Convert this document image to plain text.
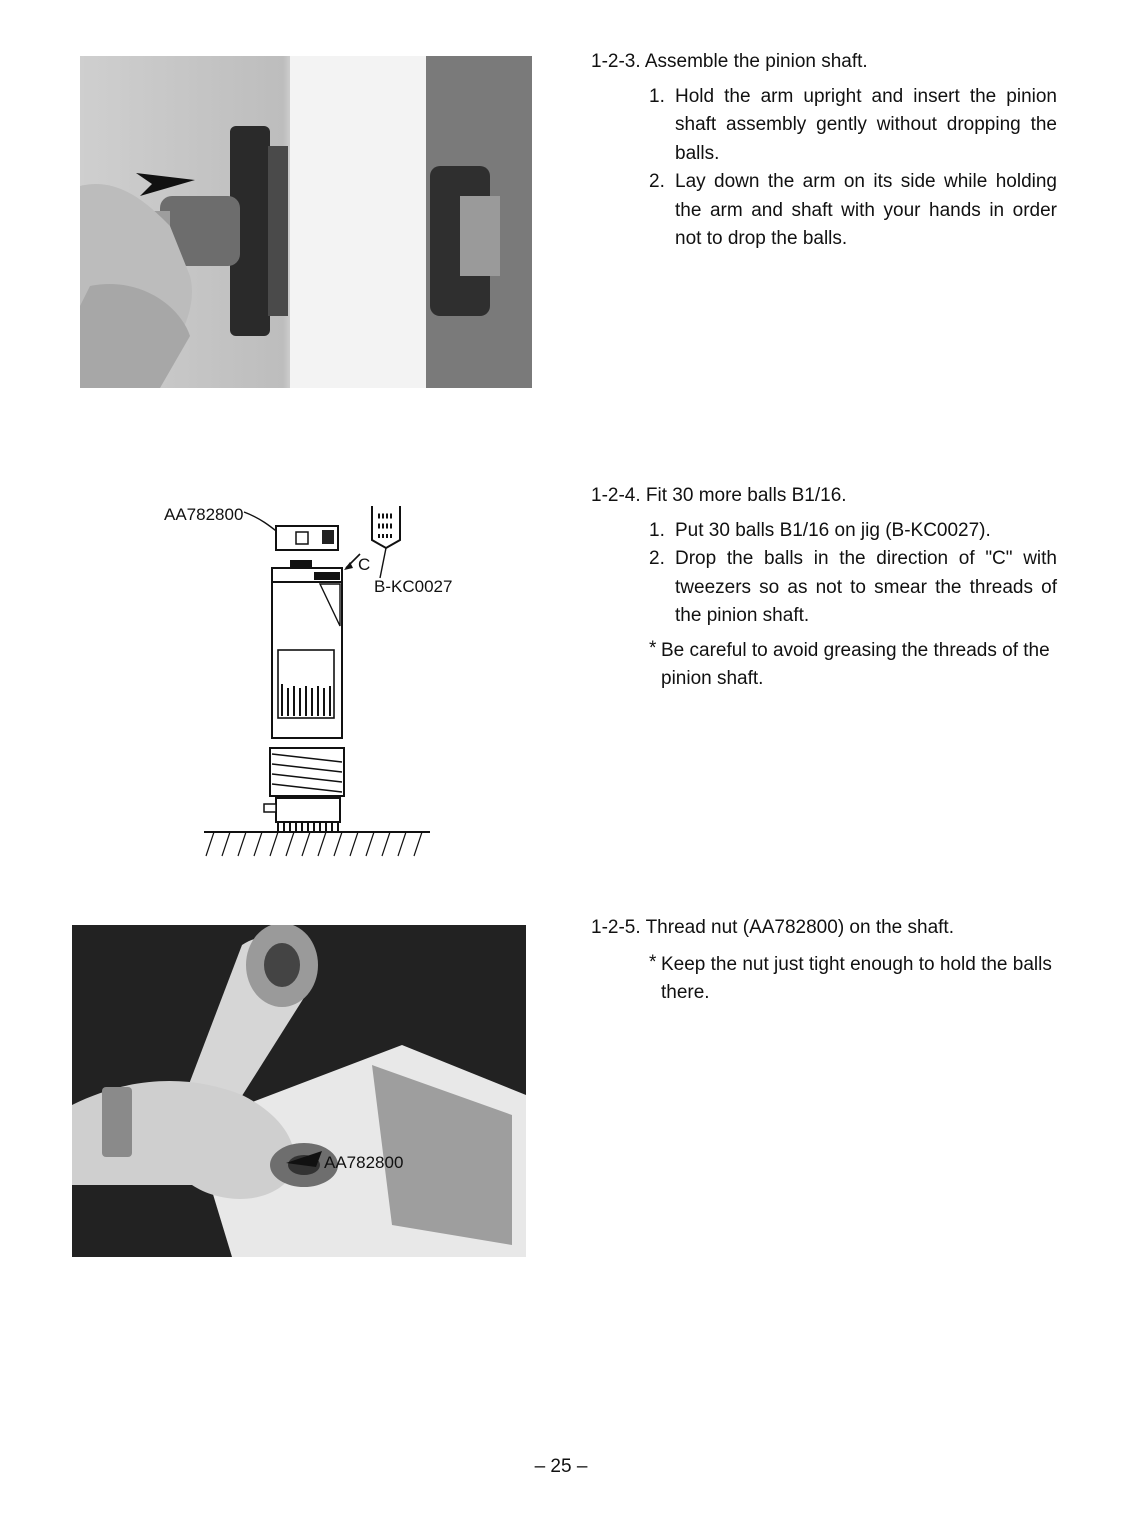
1-2-3. Assemble the pinion shaft.

1. Hold the arm upright and insert the pinion shaft assembly gently without dropping the balls.
2. Lay down the arm on its side while holding the arm and shaft with your hands in order not to drop the balls.
AA782800
B-KC0027
C

1-2-4. Fit 30 more balls B1/16.

1. Put 30 balls B1/16 on jig (B-KC0027).
2. Drop the balls in the direction of "C" with tweezers so as not to smear the threads of the pinion shaft.
* Be careful to avoid greasing the threads of the pinion shaft.
AA782800

1-2-5. Thread nut (AA782800) on the shaft.

* Keep the nut just tight enough to hold the balls there.
– 25 –
